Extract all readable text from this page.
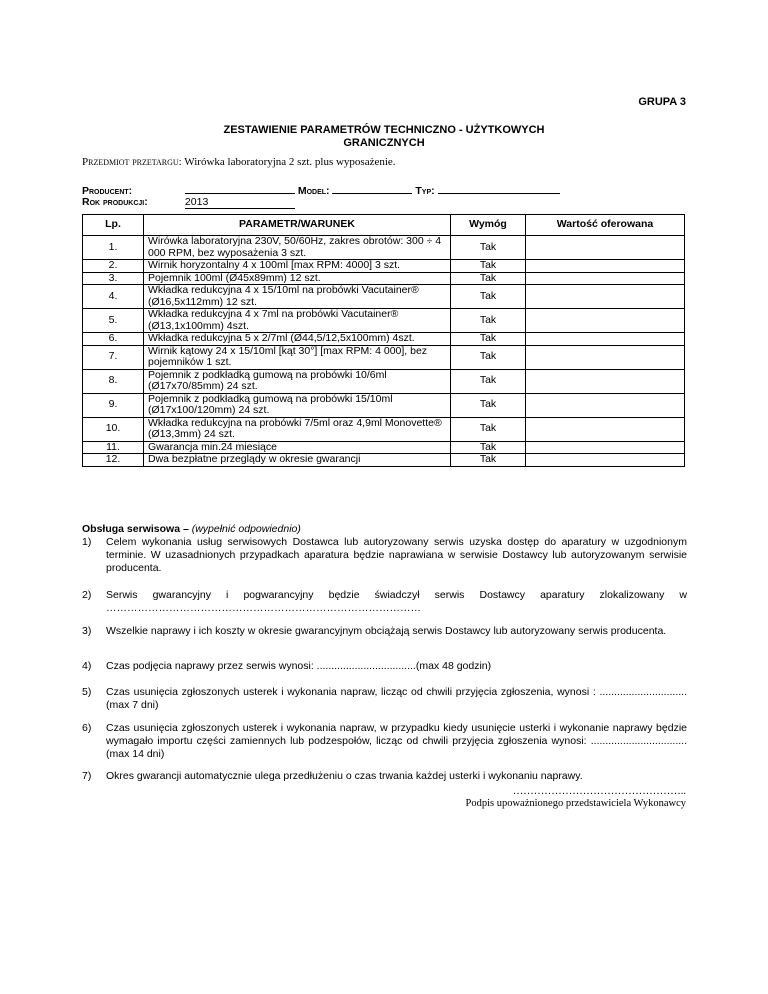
GRUPA 3
ZESTAWIENIE PARAMETRÓW TECHNICZNO - UŻYTKOWYCH
GRANICZNYCH
Przedmiot przetargu: Wirówka laboratoryjna 2 szt. plus wyposażenie.
Producent:	Model:	Typ:
Rok produkcji:	2013
Lp.	PARAMETR/WARUNEK	Wymóg	Wartość oferowana
1.	Wirówka laboratoryjna 230V, 50/60Hz, zakres obrotów: 300 ÷ 4 000 RPM, bez wyposażenia 3 szt.	Tak	
2.	Wirnik horyzontalny 4 x 100ml [max RPM: 4000] 3 szt.	Tak	
3.	Pojemnik 100ml (Ø45x89mm) 12 szt.	Tak	
4.	Wkładka redukcyjna 4 x 15/10ml na probówki Vacutainer® (Ø16,5x112mm) 12 szt.	Tak	
5.	Wkładka redukcyjna 4 x 7ml na probówki Vacutainer® (Ø13,1x100mm) 4szt.	Tak	
6.	Wkładka redukcyjna 5 x 2/7ml (Ø44,5/12,5x100mm) 4szt.	Tak	
7.	Wirnik kątowy 24 x 15/10ml [kąt 30°] [max RPM: 4 000], bez pojemników 1 szt.	Tak	
8.	Pojemnik z podkładką gumową na probówki 10/6ml (Ø17x70/85mm) 24 szt.	Tak	
9.	Pojemnik z podkładką gumową na probówki 15/10ml (Ø17x100/120mm) 24 szt.	Tak	
10.	Wkładka redukcyjna na probówki 7/5ml oraz 4,9ml Monovette® (Ø13,3mm) 24 szt.	Tak	
11.	Gwarancja min.24 miesiące	Tak	
12.	Dwa bezpłatne przeglądy w okresie gwarancji	Tak	
Obsługa serwisowa – (wypełnić odpowiednio)
1) Celem wykonania usług serwisowych Dostawca lub autoryzowany serwis uzyska dostęp do aparatury w uzgodnionym terminie. W uzasadnionych przypadkach aparatura będzie naprawiana w serwisie Dostawcy lub autoryzowanym serwisie producenta.
2) Serwis gwarancyjny i pogwarancyjny będzie świadczył serwis Dostawcy aparatury zlokalizowany w ………………………………………………………………………………
3) Wszelkie naprawy i ich koszty w okresie gwarancyjnym obciążają serwis Dostawcy lub autoryzowany serwis producenta.
4) Czas podjęcia naprawy przez serwis wynosi: ..................................(max 48 godzin)
5) Czas usunięcia zgłoszonych usterek i wykonania napraw, licząc od chwili przyjęcia zgłoszenia, wynosi : .............................. (max 7 dni)
6) Czas usunięcia zgłoszonych usterek i wykonania napraw, w przypadku kiedy usunięcie usterki i wykonanie naprawy będzie wymagało importu części zamiennych lub podzespołów, licząc od chwili przyjęcia zgłoszenia wynosi: .................................(max 14 dni)
7) Okres gwarancji automatycznie ulega przedłużeniu o czas trwania każdej usterki i wykonaniu naprawy.
…………………………………………..
Podpis upoważnionego przedstawiciela Wykonawcy
